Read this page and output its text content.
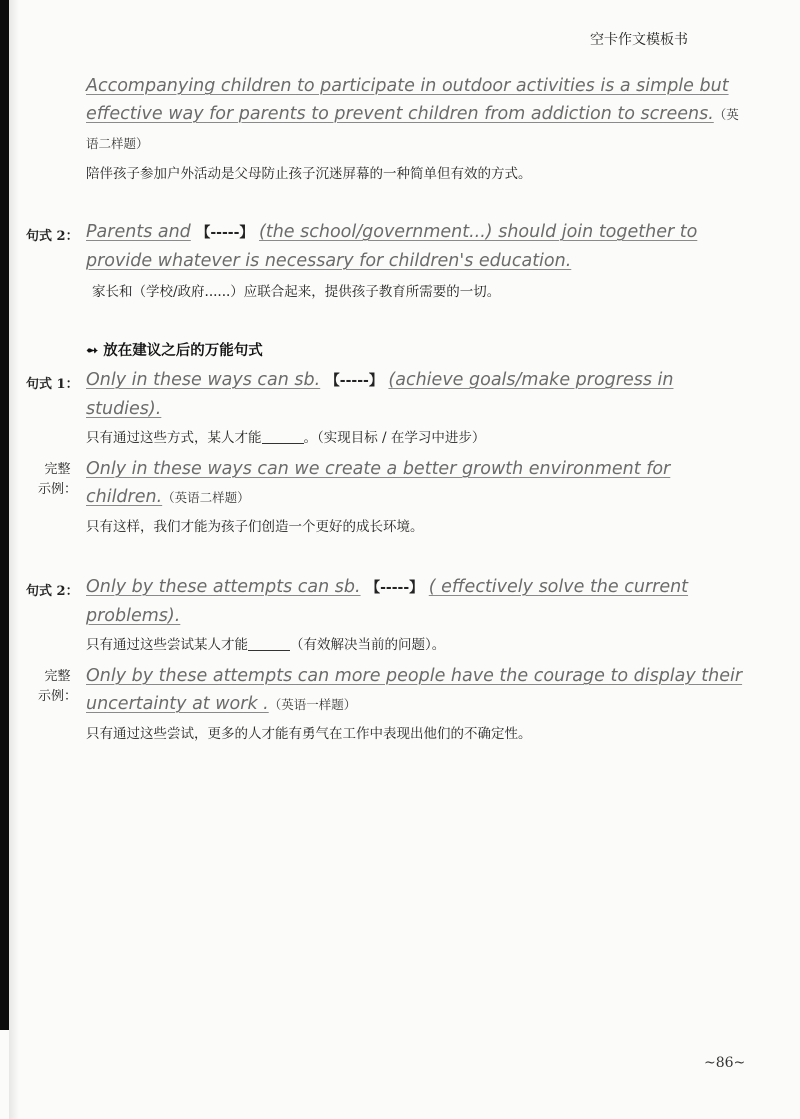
空卡作文模板书

Accompanying children to participate in outdoor activities is a simple but effective way for parents to prevent children from addiction to screens.（英语二样题）

陪伴孩子参加户外活动是父母防止孩子沉迷屏幕的一种简单但有效的方式。
句式 2： Parents and 【-----】 (the school/government...) should join together to provide whatever is necessary for children's education.

家长和（学校/政府......）应联合起来，提供孩子教育所需要的一切。
➻ 放在建议之后的万能句式
句式 1： Only in these ways can sb. 【-----】 (achieve goals/make progress in studies).

只有通过这些方式，某人才能	。（实现目标 / 在学习中进步）
完整
示例：

Only in these ways can we create a better growth environment for children.（英语二样题）

只有这样，我们才能为孩子们创造一个更好的成长环境。
句式 2： Only by these attempts can sb. 【-----】 ( effectively solve the current problems).

只有通过这些尝试某人才能	（有效解决当前的问题）。
完整
示例：

Only by these attempts can more people have the courage to display their uncertainty at work .（英语一样题）

只有通过这些尝试，更多的人才能有勇气在工作中表现出他们的不确定性。
~86~
